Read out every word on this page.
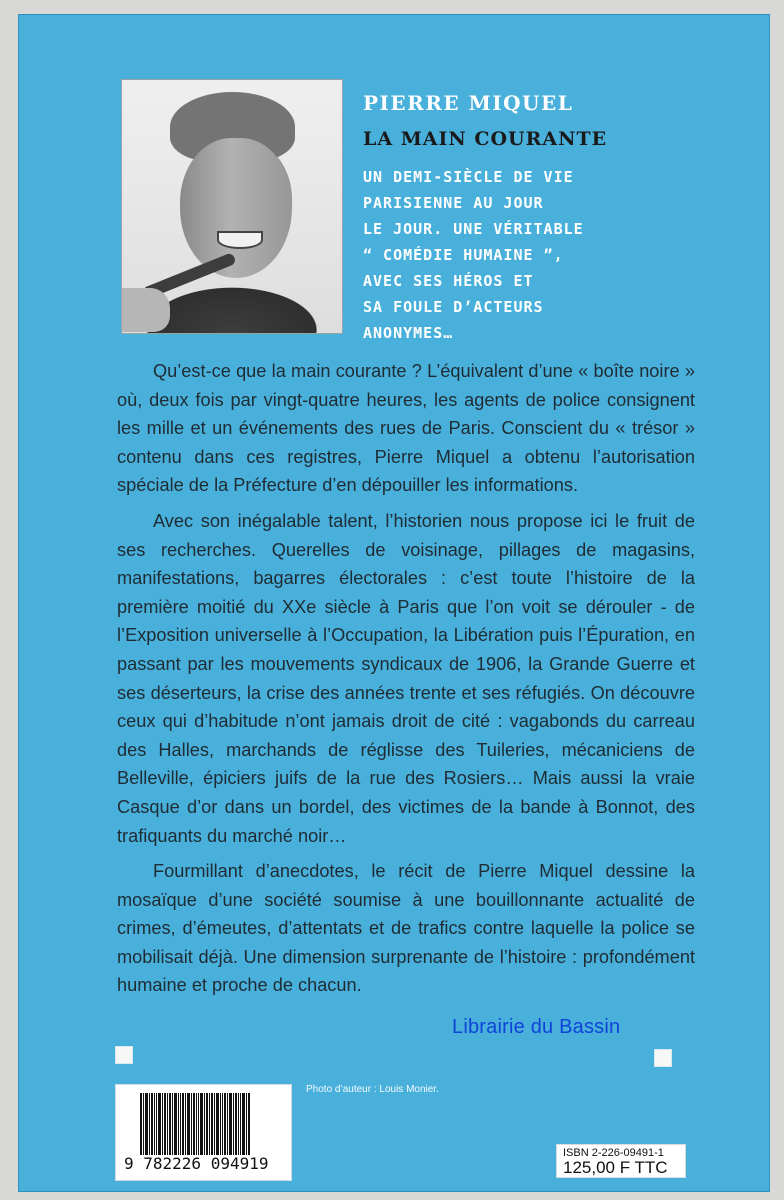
PIERRE MIQUEL
LA MAIN COURANTE
UN DEMI-SIÈCLE DE VIE
PARISIENNE AU JOUR
LE JOUR. UNE VÉRITABLE
“ COMÉDIE HUMAINE ”,
AVEC SES HÉROS ET
SA FOULE D’ACTEURS
ANONYMES…

Qu’est-ce que la main courante ? L’équivalent d’une « boîte noire » où, deux fois par vingt-quatre heures, les agents de police consignent les mille et un événements des rues de Paris. Conscient du « trésor » contenu dans ces registres, Pierre Miquel a obtenu l’autorisation spéciale de la Préfecture d’en dépouiller les informations.

Avec son inégalable talent, l’historien nous propose ici le fruit de ses recherches. Querelles de voisinage, pillages de magasins, manifestations, bagarres électorales : c’est toute l’histoire de la première moitié du XXe siècle à Paris que l’on voit se dérouler - de l’Exposition universelle à l’Occupation, la Libération puis l’Épuration, en passant par les mouvements syndicaux de 1906, la Grande Guerre et ses déserteurs, la crise des années trente et ses réfugiés. On découvre ceux qui d’habitude n’ont jamais droit de cité : vagabonds du carreau des Halles, marchands de réglisse des Tuileries, mécaniciens de Belleville, épiciers juifs de la rue des Rosiers… Mais aussi la vraie Casque d’or dans un bordel, des victimes de la bande à Bonnot, des trafiquants du marché noir…

Fourmillant d’anecdotes, le récit de Pierre Miquel dessine la mosaïque d’une société soumise à une bouillonnante actualité de crimes, d’émeutes, d’attentats et de trafics contre laquelle la police se mobilisait déjà. Une dimension surprenante de l’histoire : profondément humaine et proche de chacun.

Librairie du Bassin
9 782226 094919
Photo d’auteur : Louis Monier.
ISBN 2-226-09491-1
125,00 F TTC
